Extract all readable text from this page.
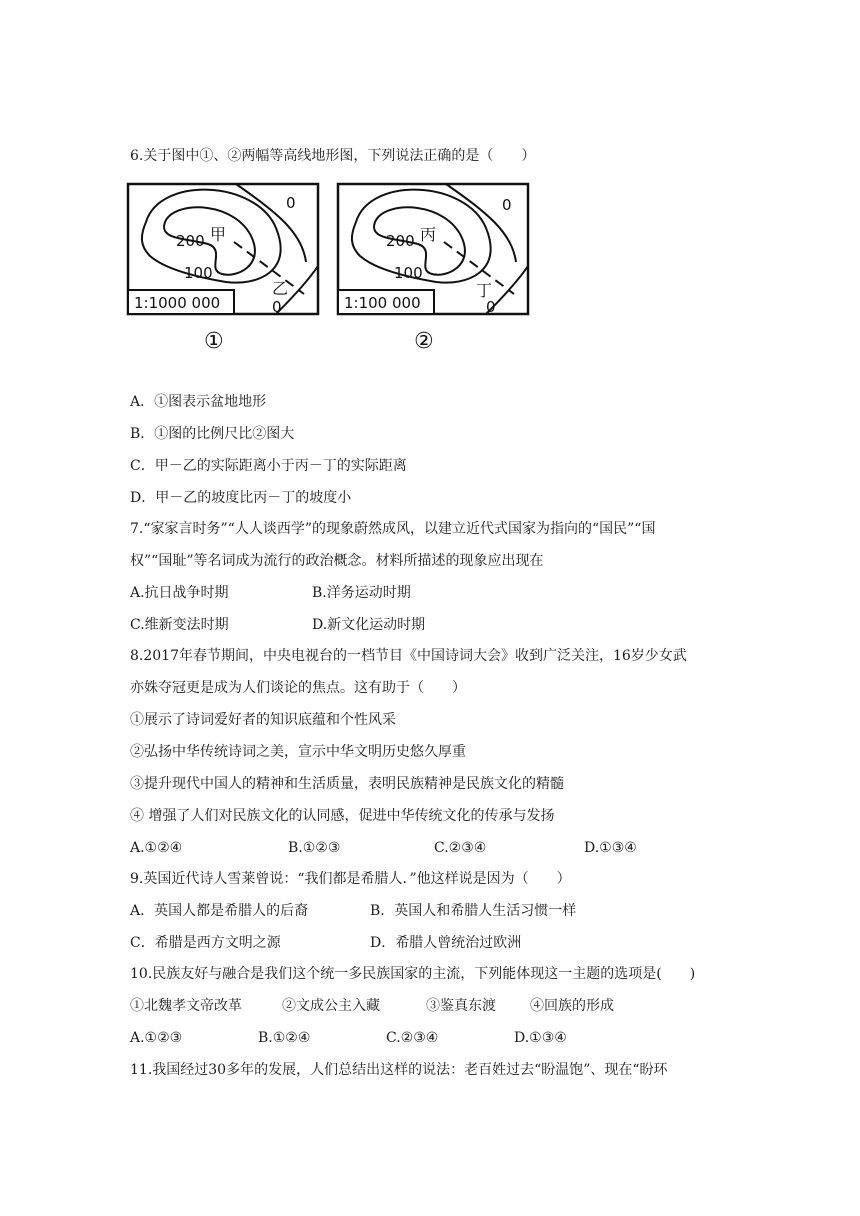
6.关于图中①、②两幅等高线地形图，下列说法正确的是（　　）
1:1000 000
200
100
0
0
甲
乙
①
1:100 000
200
100
0
0
丙
丁
②
A．①图表示盆地地形
B．①图的比例尺比②图大
C．甲－乙的实际距离小于丙－丁的实际距离
D．甲－乙的坡度比丙－丁的坡度小
7.“家家言时务”“人人谈西学”的现象蔚然成风，以建立近代式国家为指向的“国民”“国
权”“国耻”等名词成为流行的政治概念。材料所描述的现象应出现在
A.抗日战争时期	B.洋务运动时期
C.维新变法时期	D.新文化运动时期
8.2017年春节期间，中央电视台的一档节目《中国诗词大会》收到广泛关注，16岁少女武
亦姝夺冠更是成为人们谈论的焦点。这有助于（　　）
①展示了诗词爱好者的知识底蕴和个性风采
②弘扬中华传统诗词之美，宣示中华文明历史悠久厚重
③提升现代中国人的精神和生活质量，表明民族精神是民族文化的精髓
④ 增强了人们对民族文化的认同感，促进中华传统文化的传承与发扬
A.①②④	B.①②③	C.②③④	D.①③④
9.英国近代诗人雪莱曾说：“我们都是希腊人．”他这样说是因为（　　）
A．英国人都是希腊人的后裔	B．英国人和希腊人生活习惯一样
C．希腊是西方文明之源	D．希腊人曾统治过欧洲
10.民族友好与融合是我们这个统一多民族国家的主流，下列能体现这一主题的选项是(　　)
①北魏孝文帝改革	②文成公主入藏	③鉴真东渡 ④回族的形成
A.①②③	B.①②④	C.②③④	D.①③④
11.我国经过30多年的发展，人们总结出这样的说法：老百姓过去“盼温饱”、现在“盼环
